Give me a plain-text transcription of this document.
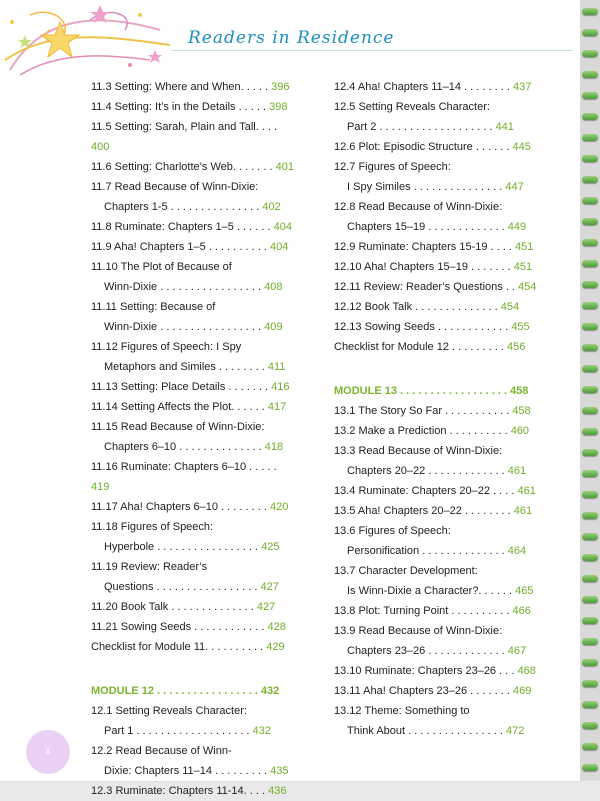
Readers in Residence
11.3 Setting: Where and When. . . . . 396
11.4 Setting: It’s in the Details . . . . . 398
11.5 Setting: Sarah, Plain and Tall. . . . 400
11.6 Setting: Charlotte’s Web. . . . . . . 401
11.7 Read Because of Winn-Dixie:
Chapters 1-5 . . . . . . . . . . . . . . . 402
11.8 Ruminate: Chapters 1–5 . . . . . . 404
11.9 Aha! Chapters 1–5 . . . . . . . . . . 404
11.10 The Plot of Because of
Winn-Dixie . . . . . . . . . . . . . . . . . 408
11.11 Setting: Because of
Winn-Dixie . . . . . . . . . . . . . . . . . 409
11.12 Figures of Speech: I Spy
Metaphors and Similes . . . . . . . . 411
11.13 Setting: Place Details . . . . . . . 416
11.14 Setting Affects the Plot. . . . . . 417
11.15 Read Because of Winn-Dixie:
Chapters 6–10 . . . . . . . . . . . . . . 418
11.16 Ruminate: Chapters 6–10 . . . . . 419
11.17 Aha! Chapters 6–10 . . . . . . . . 420
11.18 Figures of Speech:
Hyperbole . . . . . . . . . . . . . . . . . 425
11.19 Review: Reader’s
Questions . . . . . . . . . . . . . . . . . 427
11.20 Book Talk . . . . . . . . . . . . . . 427
11.21 Sowing Seeds . . . . . . . . . . . . 428
Checklist for Module 11. . . . . . . . . . 429
MODULE 12 . . . . . . . . . . . . . . . . . 432
12.1 Setting Reveals Character:
Part 1 . . . . . . . . . . . . . . . . . . . 432
12.2 Read Because of Winn-
Dixie: Chapters 11–14 . . . . . . . . . 435
12.3 Ruminate: Chapters 11-14. . . . 436
12.4 Aha! Chapters 11–14 . . . . . . . . 437
12.5 Setting Reveals Character:
Part 2 . . . . . . . . . . . . . . . . . . . 441
12.6 Plot: Episodic Structure . . . . . . 445
12.7 Figures of Speech:
I Spy Similes . . . . . . . . . . . . . . . 447
12.8 Read Because of Winn-Dixie:
Chapters 15–19 . . . . . . . . . . . . . 449
12.9 Ruminate: Chapters 15-19 . . . . 451
12.10 Aha! Chapters 15–19 . . . . . . . 451
12.11 Review: Reader’s Questions . . 454
12.12 Book Talk . . . . . . . . . . . . . . 454
12.13 Sowing Seeds . . . . . . . . . . . . 455
Checklist for Module 12 . . . . . . . . . 456
MODULE 13 . . . . . . . . . . . . . . . . . . 458
13.1 The Story So Far . . . . . . . . . . . 458
13.2 Make a Prediction . . . . . . . . . . 460
13.3 Read Because of Winn-Dixie:
Chapters 20–22 . . . . . . . . . . . . . 461
13.4 Ruminate: Chapters 20–22 . . . . 461
13.5 Aha! Chapters 20–22 . . . . . . . . 461
13.6 Figures of Speech:
Personification . . . . . . . . . . . . . . 464
13.7 Character Development:
Is Winn-Dixie a Character?. . . . . . 465
13.8 Plot: Turning Point . . . . . . . . . . 466
13.9 Read Because of Winn-Dixie:
Chapters 23–26 . . . . . . . . . . . . . 467
13.10 Ruminate: Chapters 23–26 . . . 468
13.11 Aha! Chapters 23–26 . . . . . . . 469
13.12 Theme: Something to
Think About . . . . . . . . . . . . . . . . 472
x
